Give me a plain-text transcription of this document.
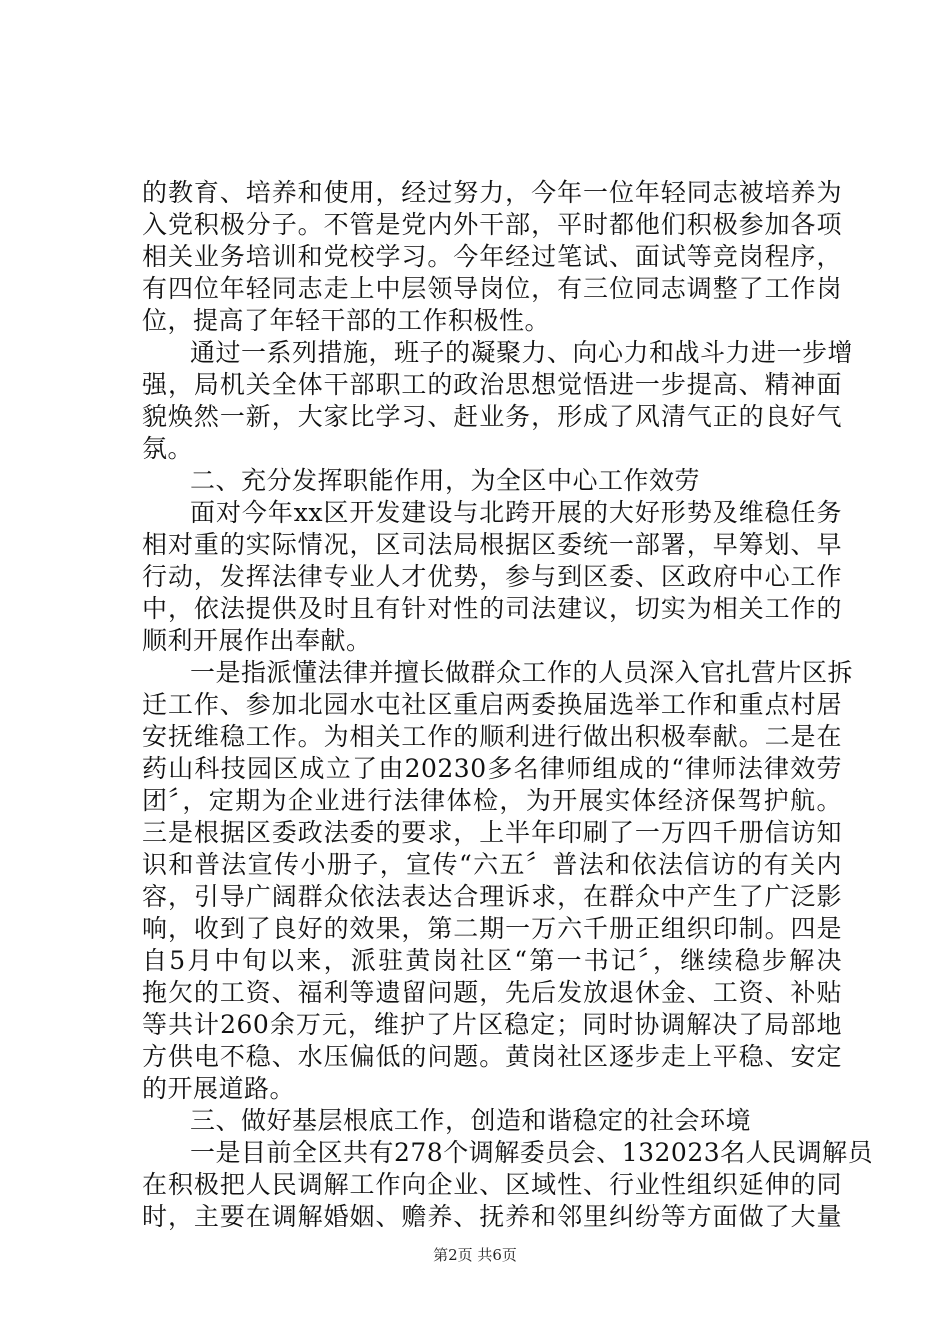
的教育、培养和使用，经过努力，今年一位年轻同志被培养为
入党积极分子。不管是党内外干部，平时都他们积极参加各项
相关业务培训和党校学习。今年经过笔试、面试等竞岗程序，
有四位年轻同志走上中层领导岗位，有三位同志调整了工作岗
位，提高了年轻干部的工作积极性。
通过一系列措施，班子的凝聚力、向心力和战斗力进一步增
强，局机关全体干部职工的政治思想觉悟进一步提高、精神面
貌焕然一新，大家比学习、赶业务，形成了风清气正的良好气
氛。
二、充分发挥职能作用，为全区中心工作效劳
面对今年xx区开发建设与北跨开展的大好形势及维稳任务
相对重的实际情况，区司法局根据区委统一部署，早筹划、早
行动，发挥法律专业人才优势，参与到区委、区政府中心工作
中，依法提供及时且有针对性的司法建议，切实为相关工作的
顺利开展作出奉献。
一是指派懂法律并擅长做群众工作的人员深入官扎营片区拆
迁工作、参加北园水屯社区重启两委换届选举工作和重点村居
安抚维稳工作。为相关工作的顺利进行做出积极奉献。二是在
药山科技园区成立了由20230多名律师组成的“律师法律效劳
团〞，定期为企业进行法律体检，为开展实体经济保驾护航。
三是根据区委政法委的要求，上半年印刷了一万四千册信访知
识和普法宣传小册子，宣传“六五〞普法和依法信访的有关内
容，引导广阔群众依法表达合理诉求，在群众中产生了广泛影
响，收到了良好的效果，第二期一万六千册正组织印制。四是
自5月中旬以来，派驻黄岗社区“第一书记〞，继续稳步解决
拖欠的工资、福利等遗留问题，先后发放退休金、工资、补贴
等共计260余万元，维护了片区稳定；同时协调解决了局部地
方供电不稳、水压偏低的问题。黄岗社区逐步走上平稳、安定
的开展道路。
三、做好基层根底工作，创造和谐稳定的社会环境
一是目前全区共有278个调解委员会、132023名人民调解员
在积极把人民调解工作向企业、区域性、行业性组织延伸的同
时，主要在调解婚姻、赡养、抚养和邻里纠纷等方面做了大量
第2页 共6页
